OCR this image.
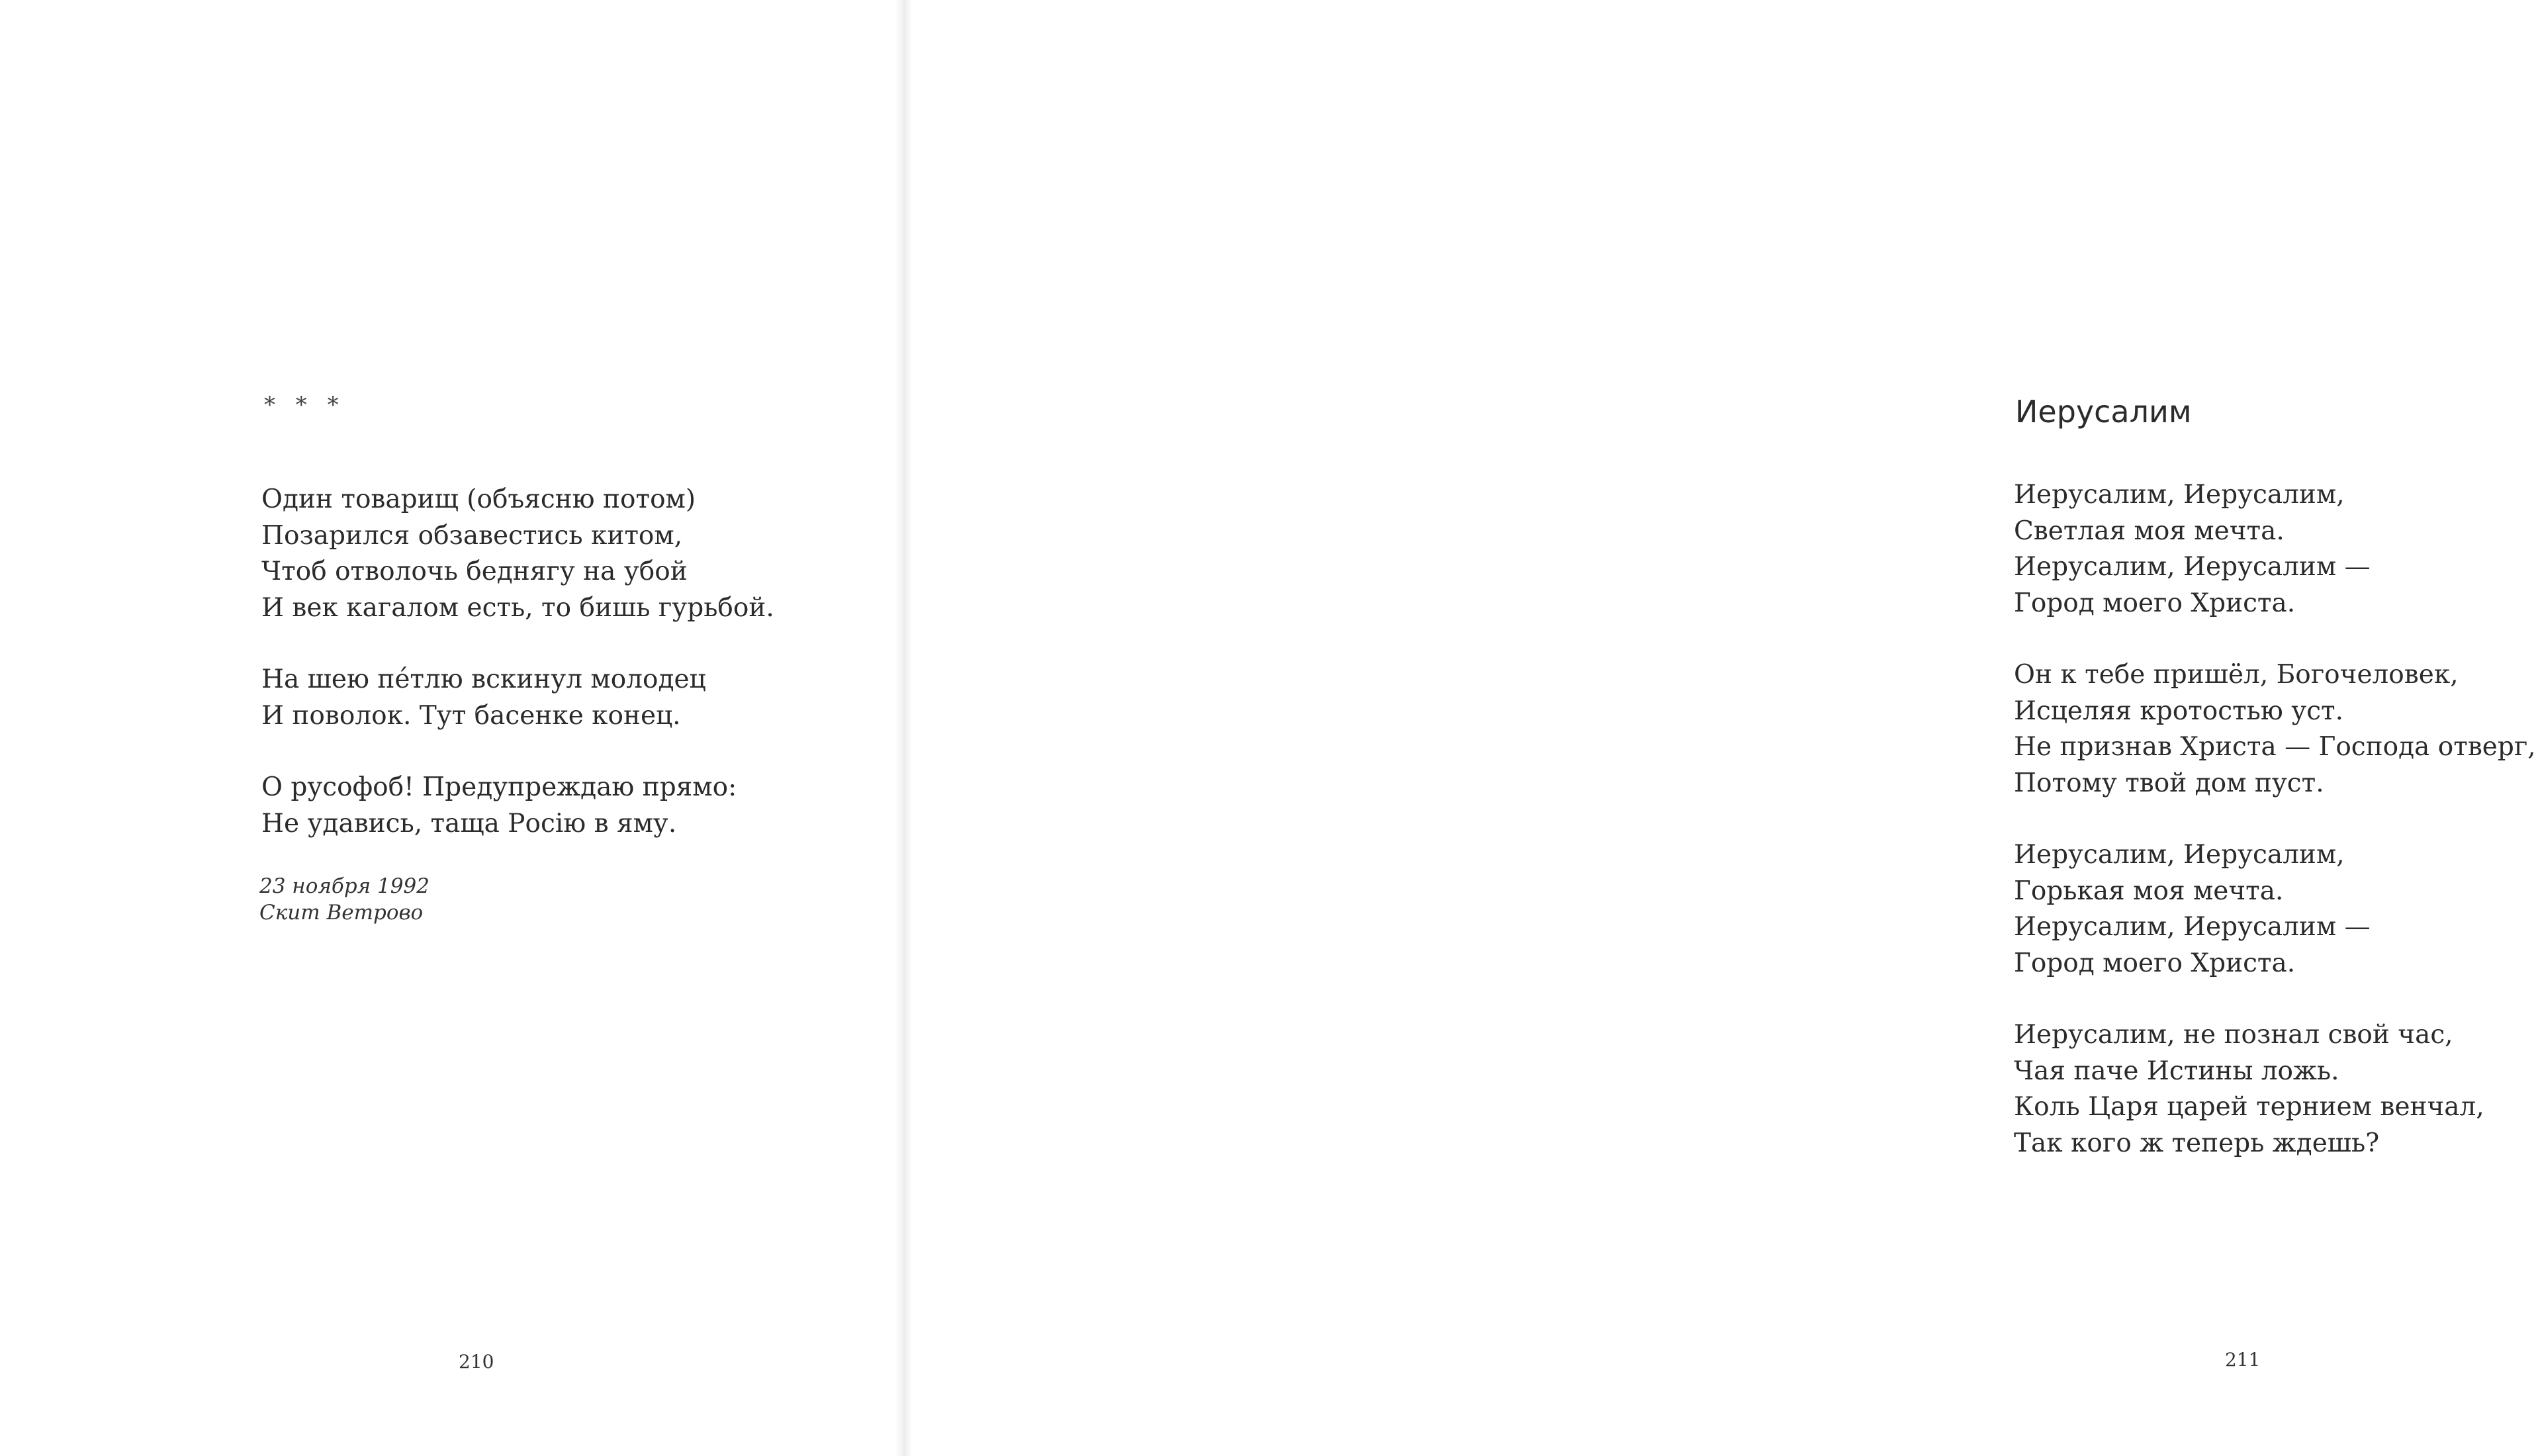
* * *
Один товарищ (объясню потом)
Позарился обзавестись китом,
Чтоб отволочь беднягу на убой
И век кагалом есть, то бишь гурьбой.
На шею пе́тлю вскинул молодец
И поволок. Тут басенке конец.
О русофоб! Предупреждаю прямо:
Не удавись, таща Росію в яму.
23 ноября 1992
Скит Ветрово
210
Иерусалим
Иерусалим, Иерусалим,
Светлая моя мечта.
Иерусалим, Иерусалим —
Город моего Христа.
Он к тебе пришёл, Богочеловек,
Исцеляя кротостью уст.
Не признав Христа — Господа отверг,
Потому твой дом пуст.
Иерусалим, Иерусалим,
Горькая моя мечта.
Иерусалим, Иерусалим —
Город моего Христа.
Иерусалим, не познал свой час,
Чая паче Истины ложь.
Коль Царя царей тернием венчал,
Так кого ж теперь ждешь?
211
